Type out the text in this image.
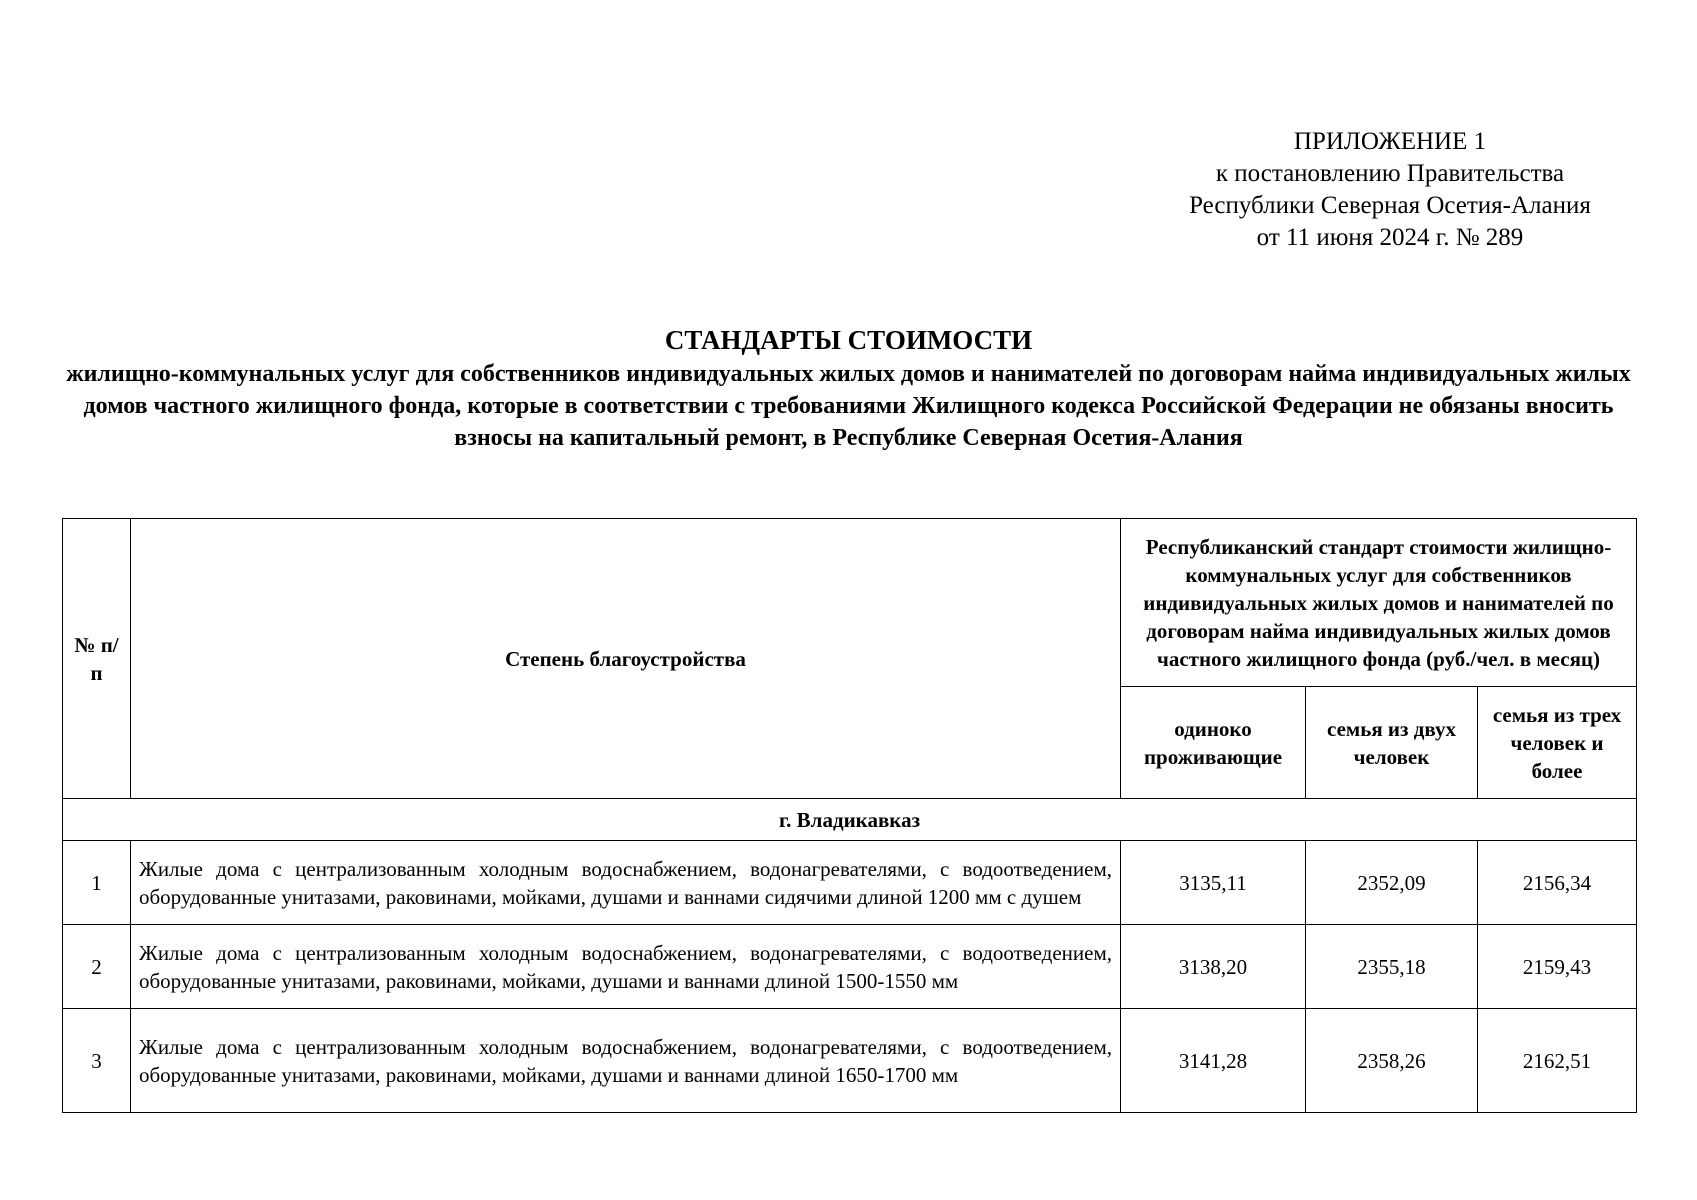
ПРИЛОЖЕНИЕ 1
к постановлению Правительства
Республики Северная Осетия-Алания
от 11 июня 2024 г. № 289
СТАНДАРТЫ СТОИМОСТИ
жилищно-коммунальных услуг для собственников индивидуальных жилых домов и нанимателей по договорам найма индивидуальных жилых домов частного жилищного фонда, которые в соответствии с требованиями Жилищного кодекса Российской Федерации не обязаны вносить взносы на капитальный ремонт, в Республике Северная Осетия-Алания
№ п/п	Степень благоустройства	Республиканский стандарт стоимости жилищно-коммунальных услуг для собственников индивидуальных жилых домов и нанимателей по договорам найма индивидуальных жилых домов частного жилищного фонда (руб./чел. в месяц)		
		одиноко проживающие	семья из двух человек	семья из трех человек и более
г. Владикавказ				
1	Жилые дома с централизованным холодным водоснабжением, водонагревателями, с водоотведением, оборудованные унитазами, раковинами, мойками, душами и ваннами сидячими длиной 1200 мм с душем	3135,11	2352,09	2156,34
2	Жилые дома с централизованным холодным водоснабжением, водонагревателями, с водоотведением, оборудованные унитазами, раковинами, мойками, душами и ваннами длиной 1500-1550 мм	3138,20	2355,18	2159,43
3	Жилые дома с централизованным холодным водоснабжением, водонагревателями, с водоотведением, оборудованные унитазами, раковинами, мойками, душами и ваннами длиной 1650-1700 мм	3141,28	2358,26	2162,51
